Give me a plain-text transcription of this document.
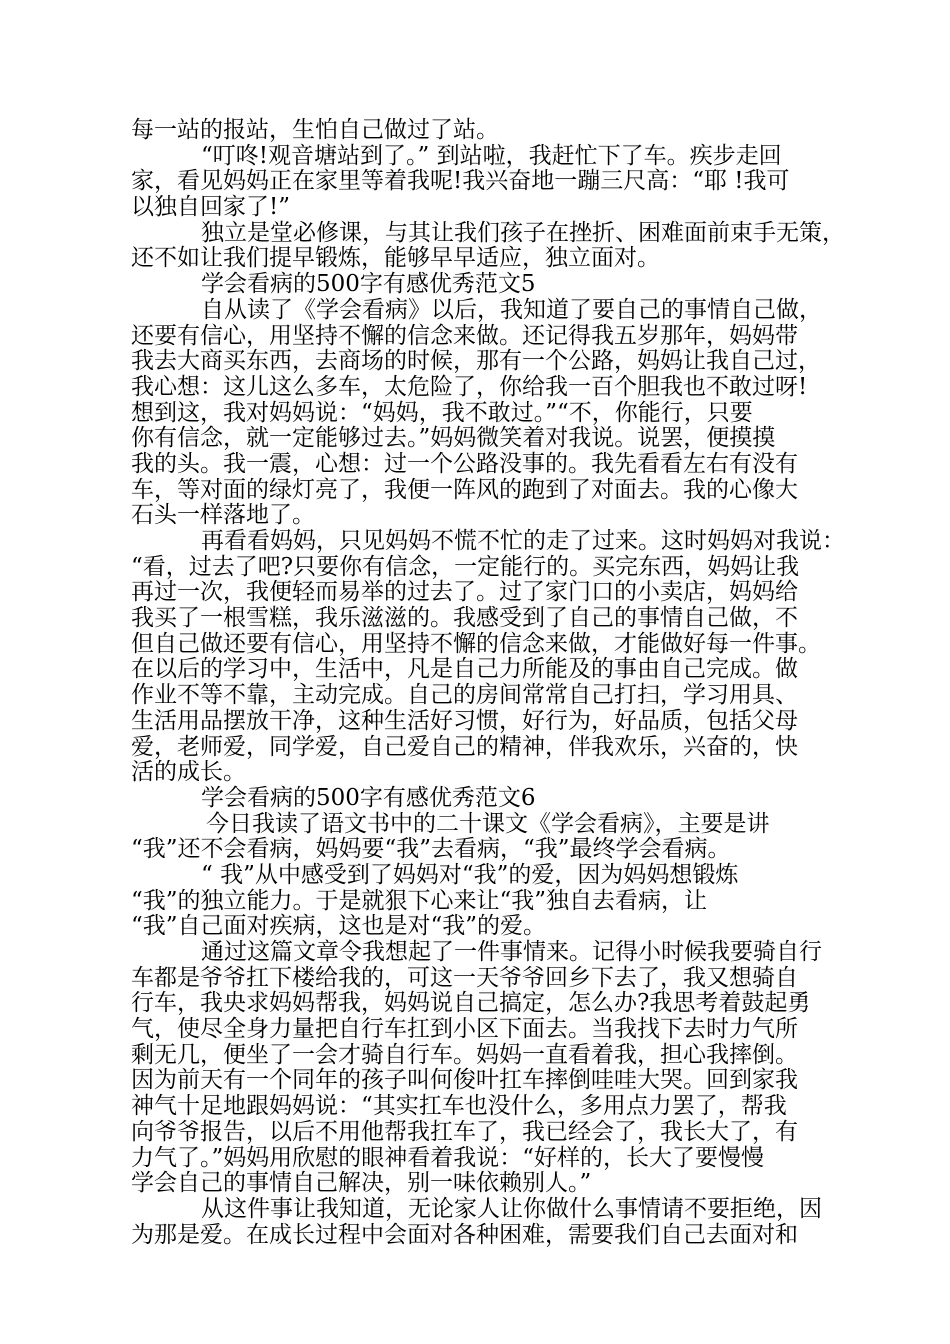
每一站的报站，生怕自己做过了站。
“叮咚!观音塘站到了。” 到站啦，我赶忙下了车。疾步走回
家，看见妈妈正在家里等着我呢!我兴奋地一蹦三尺高：“耶 !我可
以独自回家了!”
独立是堂必修课，与其让我们孩子在挫折、困难面前束手无策，
还不如让我们提早锻炼，能够早早适应，独立面对。
学会看病的500字有感优秀范文5
自从读了《学会看病》以后，我知道了要自己的事情自己做，
还要有信心，用坚持不懈的信念来做。还记得我五岁那年，妈妈带
我去大商买东西，去商场的时候，那有一个公路，妈妈让我自己过，
我心想：这儿这么多车，太危险了，你给我一百个胆我也不敢过呀!
想到这，我对妈妈说：“妈妈，我不敢过。”“不，你能行，只要
你有信念，就一定能够过去。”妈妈微笑着对我说。说罢，便摸摸
我的头。我一震，心想：过一个公路没事的。我先看看左右有没有
车，等对面的绿灯亮了，我便一阵风的跑到了对面去。我的心像大
石头一样落地了。
再看看妈妈，只见妈妈不慌不忙的走了过来。这时妈妈对我说：
“看，过去了吧?只要你有信念，一定能行的。买完东西，妈妈让我
再过一次，我便轻而易举的过去了。过了家门口的小卖店，妈妈给
我买了一根雪糕，我乐滋滋的。我感受到了自己的事情自己做，不
但自己做还要有信心，用坚持不懈的信念来做，才能做好每一件事。
在以后的学习中，生活中，凡是自己力所能及的事由自己完成。做
作业不等不靠，主动完成。自己的房间常常自己打扫，学习用具、
生活用品摆放干净，这种生活好习惯，好行为，好品质，包括父母
爱，老师爱，同学爱，自己爱自己的精神，伴我欢乐，兴奋的，快
活的成长。
学会看病的500字有感优秀范文6
今日我读了语文书中的二十课文《学会看病》，主要是讲
“我”还不会看病，妈妈要“我”去看病，“我”最终学会看病。
“ 我”从中感受到了妈妈对“我”的爱，因为妈妈想锻炼
“我”的独立能力。于是就狠下心来让“我”独自去看病，让
“我”自己面对疾病，这也是对“我”的爱。
通过这篇文章令我想起了一件事情来。记得小时候我要骑自行
车都是爷爷扛下楼给我的，可这一天爷爷回乡下去了，我又想骑自
行车，我央求妈妈帮我，妈妈说自己搞定，怎么办?我思考着鼓起勇
气，使尽全身力量把自行车扛到小区下面去。当我找下去时力气所
剩无几，便坐了一会才骑自行车。妈妈一直看着我，担心我摔倒。
因为前天有一个同年的孩子叫何俊叶扛车摔倒哇哇大哭。回到家我
神气十足地跟妈妈说：“其实扛车也没什么，多用点力罢了，帮我
向爷爷报告，以后不用他帮我扛车了，我已经会了，我长大了，有
力气了。”妈妈用欣慰的眼神看着我说：“好样的，长大了要慢慢
学会自己的事情自己解决，别一味依赖别人。”
从这件事让我知道，无论家人让你做什么事情请不要拒绝，因
为那是爱。在成长过程中会面对各种困难，需要我们自己去面对和
